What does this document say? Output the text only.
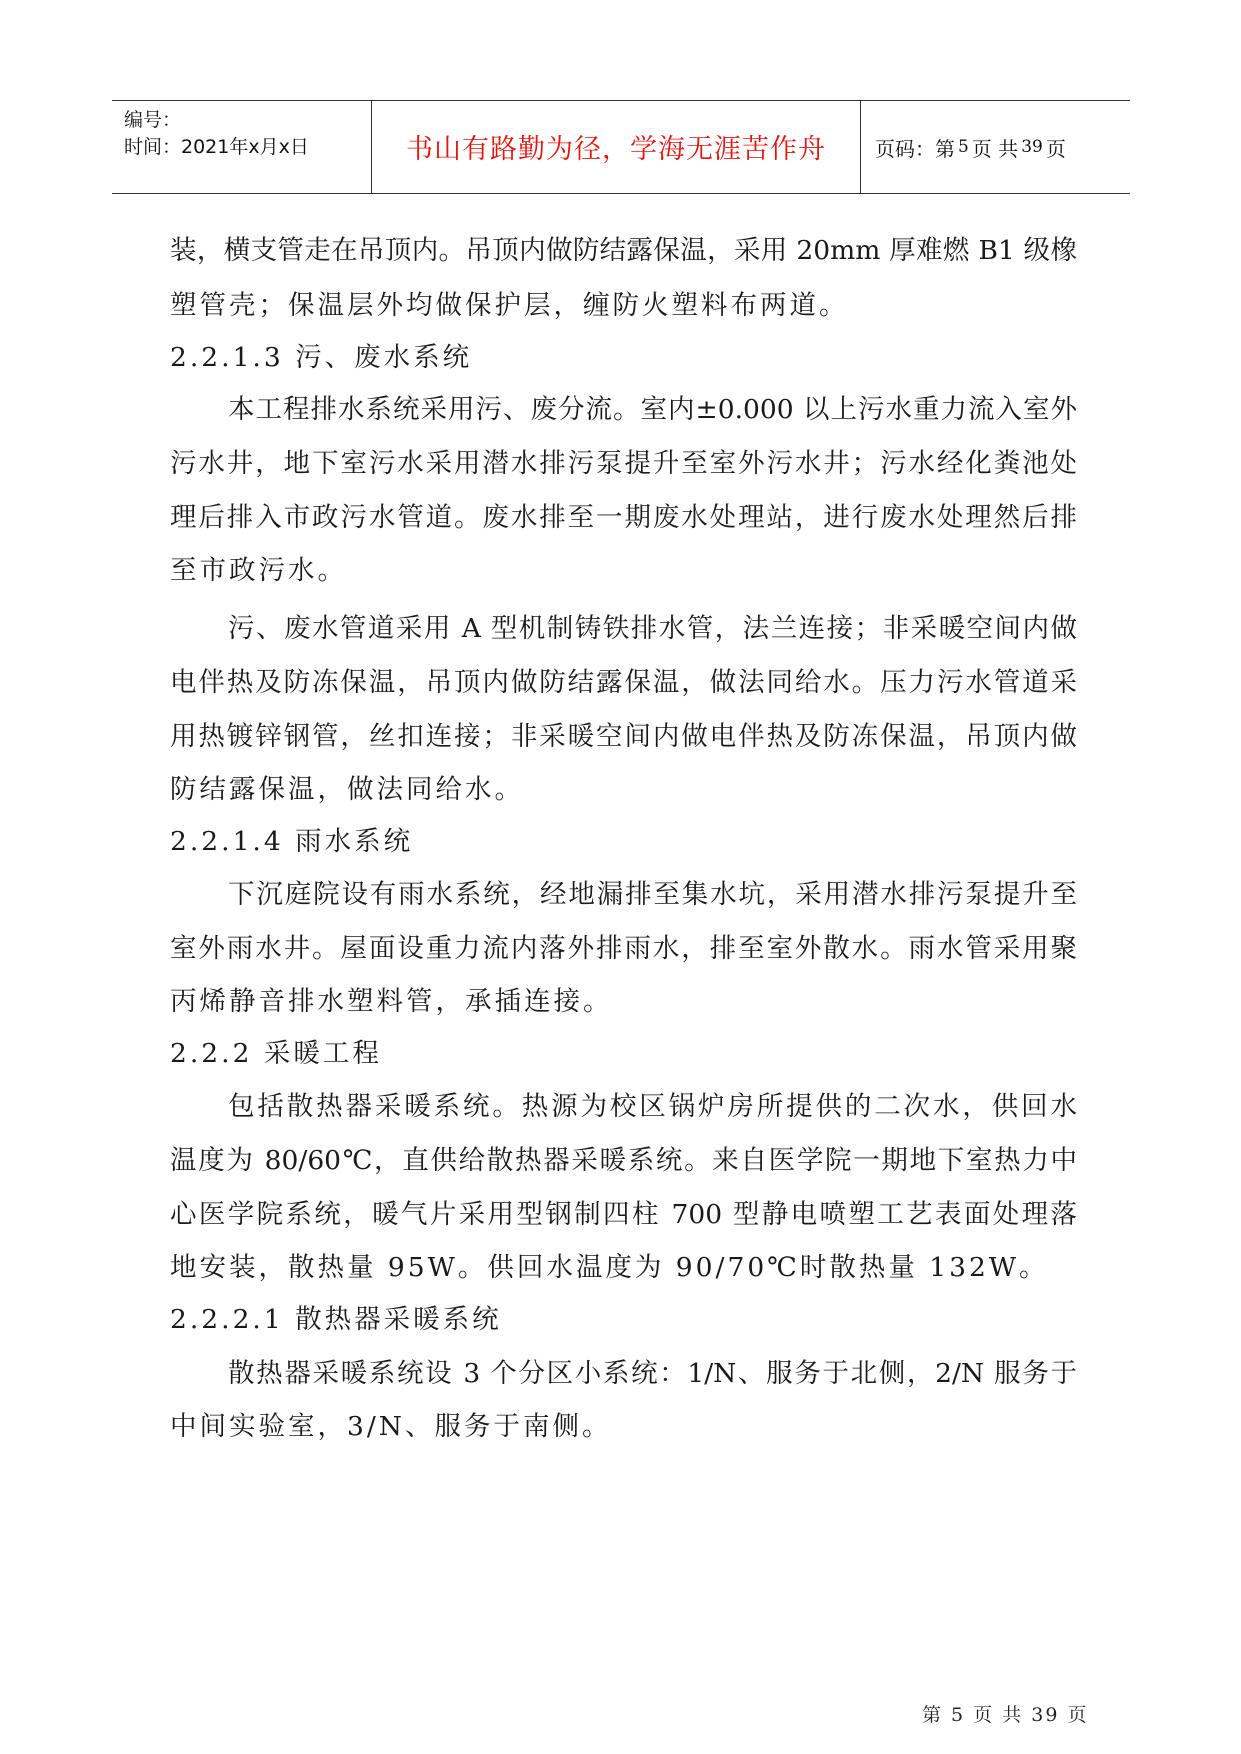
编号：
时间：2021年x月x日	书山有路勤为径，学海无涯苦作舟 页码：第 5 页 共 39 页
装，横支管走在吊顶内。吊顶内做防结露保温，采用 20mm 厚难燃 B1 级橡
塑管壳；保温层外均做保护层，缠防火塑料布两道。
2.2.1.3 污、废水系统
本工程排水系统采用污、废分流。室内±0.000 以上污水重力流入室外
污水井，地下室污水采用潜水排污泵提升至室外污水井；污水经化粪池处
理后排入市政污水管道。废水排至一期废水处理站，进行废水处理然后排
至市政污水。
污、废水管道采用 A 型机制铸铁排水管，法兰连接；非采暖空间内做
电伴热及防冻保温，吊顶内做防结露保温，做法同给水。压力污水管道采
用热镀锌钢管，丝扣连接；非采暖空间内做电伴热及防冻保温，吊顶内做
防结露保温，做法同给水。
2.2.1.4 雨水系统
下沉庭院设有雨水系统，经地漏排至集水坑，采用潜水排污泵提升至
室外雨水井。屋面设重力流内落外排雨水，排至室外散水。雨水管采用聚
丙烯静音排水塑料管，承插连接。
2.2.2 采暖工程
包括散热器采暖系统。热源为校区锅炉房所提供的二次水，供回水
温度为 80/60℃，直供给散热器采暖系统。来自医学院一期地下室热力中
心医学院系统，暖气片采用型钢制四柱 700 型静电喷塑工艺表面处理落
地安装，散热量 95W。供回水温度为 90/70℃时散热量 132W。
2.2.2.1 散热器采暖系统
散热器采暖系统设 3 个分区小系统：1/N、服务于北侧，2/N 服务于
中间实验室，3/N、服务于南侧。
第 5 页 共 39 页
